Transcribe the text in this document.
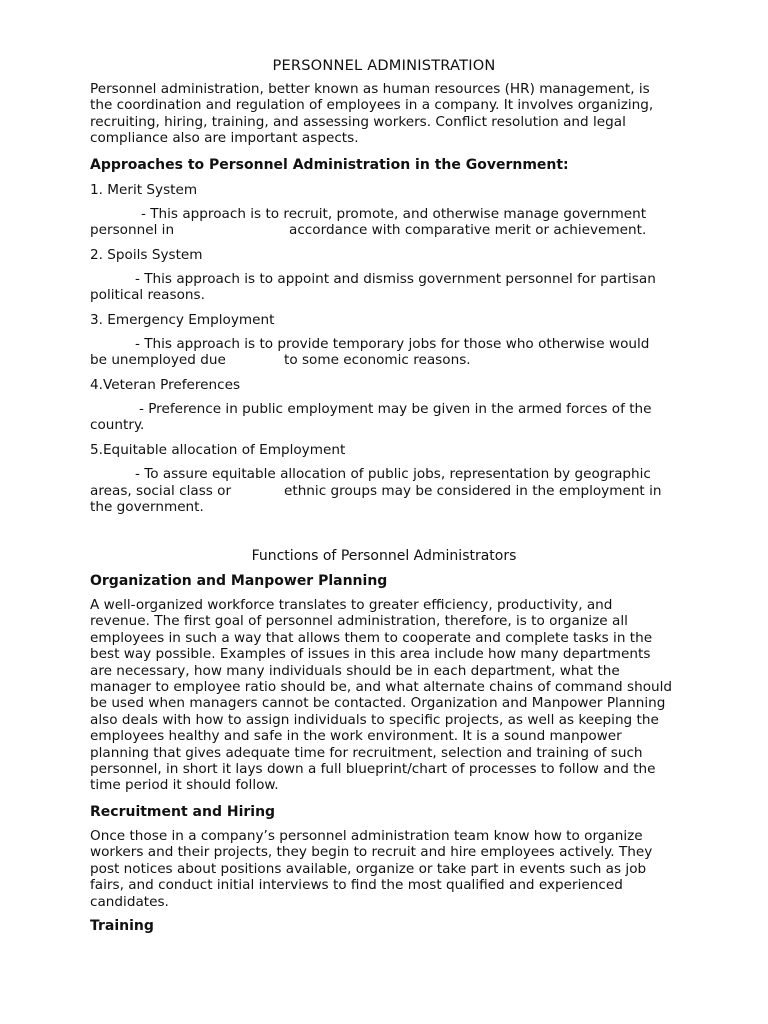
PERSONNEL ADMINISTRATION

Personnel administration, better known as human resources (HR) management, is the coordination and regulation of employees in a company. It involves organizing, recruiting, hiring, training, and assessing workers. Conflict resolution and legal compliance also are important aspects.

Approaches to Personnel Administration in the Government:
1. Merit System
- This approach is to recruit, promote, and otherwise manage government
personnel in	accordance with comparative merit or achievement.
2. Spoils System
- This approach is to appoint and dismiss government personnel for partisan
political reasons.
3. Emergency Employment
- This approach is to provide temporary jobs for those who otherwise would
be unemployed due	to some economic reasons.
4.Veteran Preferences
- Preference in public employment may be given in the armed forces of the
country.
5.Equitable allocation of Employment
- To assure equitable allocation of public jobs, representation by geographic
areas, social class or	ethnic groups may be considered in the employment in
the government.
Functions of Personnel Administrators
Organization and Manpower Planning

A well-organized workforce translates to greater efficiency, productivity, and revenue. The first goal of personnel administration, therefore, is to organize all employees in such a way that allows them to cooperate and complete tasks in the best way possible. Examples of issues in this area include how many departments are necessary, how many individuals should be in each department, what the manager to employee ratio should be, and what alternate chains of command should be used when managers cannot be contacted. Organization and Manpower Planning also deals with how to assign individuals to specific projects, as well as keeping the employees healthy and safe in the work environment. It is a sound manpower planning that gives adequate time for recruitment, selection and training of such personnel, in short it lays down a full blueprint/chart of processes to follow and the time period it should follow.

Recruitment and Hiring

Once those in a company’s personnel administration team know how to organize workers and their projects, they begin to recruit and hire employees actively. They post notices about positions available, organize or take part in events such as job fairs, and conduct initial interviews to find the most qualified and experienced candidates.

Training
